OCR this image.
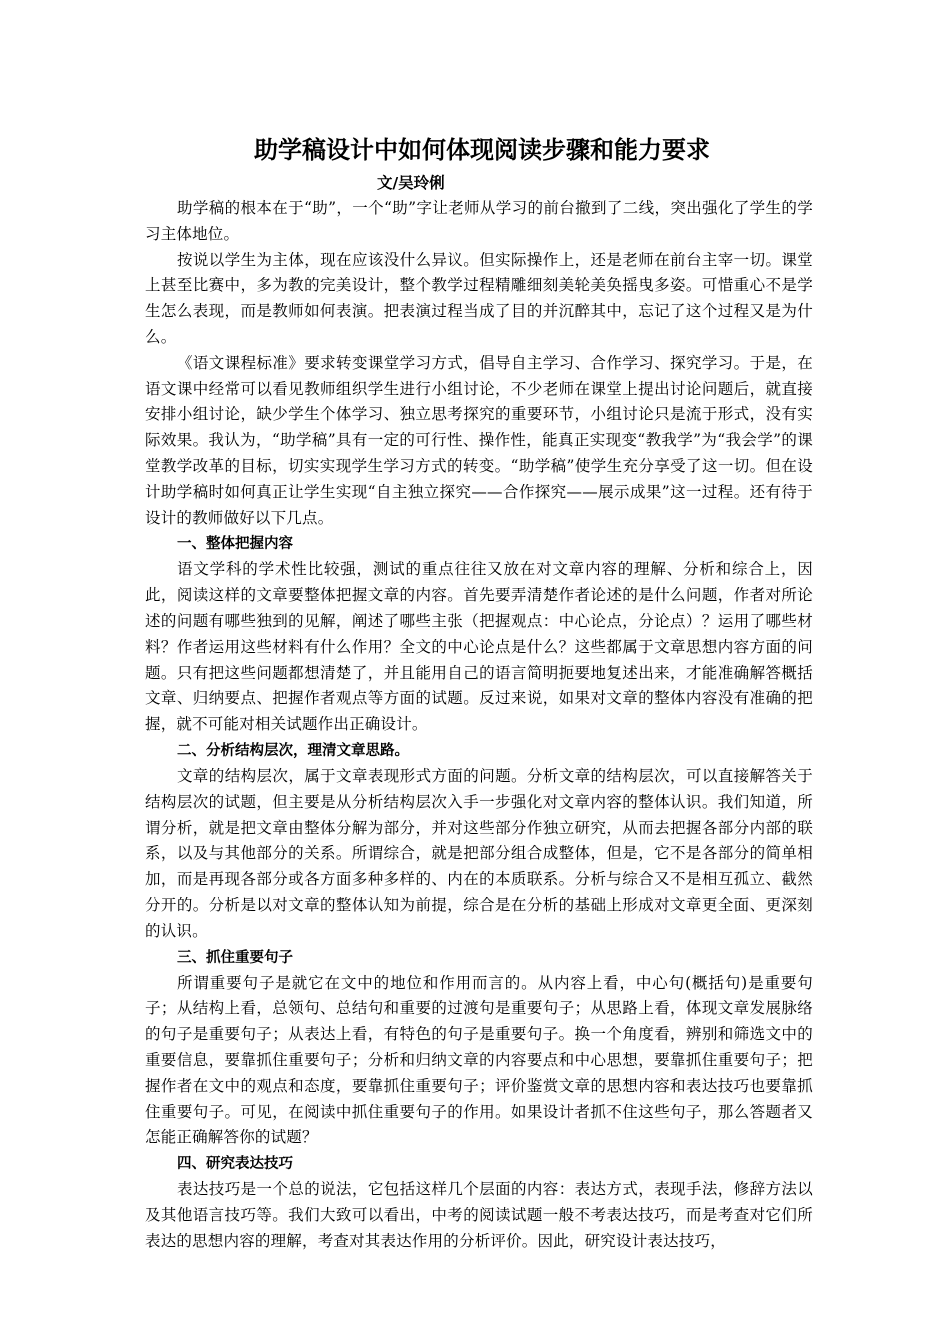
助学稿设计中如何体现阅读步骤和能力要求

文/吴玲俐

助学稿的根本在于“助”，一个“助”字让老师从学习的前台撤到了二线，突出强化了学生的学习主体地位。

按说以学生为主体，现在应该没什么异议。但实际操作上，还是老师在前台主宰一切。课堂上甚至比赛中，多为教的完美设计，整个教学过程精雕细刻美轮美奂摇曳多姿。可惜重心不是学生怎么表现，而是教师如何表演。把表演过程当成了目的并沉醉其中，忘记了这个过程又是为什么。

《语文课程标准》要求转变课堂学习方式，倡导自主学习、合作学习、探究学习。于是，在语文课中经常可以看见教师组织学生进行小组讨论，不少老师在课堂上提出讨论问题后，就直接安排小组讨论，缺少学生个体学习、独立思考探究的重要环节，小组讨论只是流于形式，没有实际效果。我认为，“助学稿”具有一定的可行性、操作性，能真正实现变“教我学”为“我会学”的课堂教学改革的目标，切实实现学生学习方式的转变。“助学稿”使学生充分享受了这一切。但在设计助学稿时如何真正让学生实现“自主独立探究——合作探究——展示成果”这一过程。还有待于设计的教师做好以下几点。

一、整体把握内容

语文学科的学术性比较强，测试的重点往往又放在对文章内容的理解、分析和综合上，因此，阅读这样的文章要整体把握文章的内容。首先要弄清楚作者论述的是什么问题，作者对所论述的问题有哪些独到的见解，阐述了哪些主张（把握观点：中心论点，分论点）？运用了哪些材料？作者运用这些材料有什么作用？全文的中心论点是什么？这些都属于文章思想内容方面的问题。只有把这些问题都想清楚了，并且能用自己的语言简明扼要地复述出来，才能准确解答概括文章、归纳要点、把握作者观点等方面的试题。反过来说，如果对文章的整体内容没有准确的把握，就不可能对相关试题作出正确设计。

二、分析结构层次，理清文章思路。

文章的结构层次，属于文章表现形式方面的问题。分析文章的结构层次，可以直接解答关于结构层次的试题，但主要是从分析结构层次入手一步强化对文章内容的整体认识。我们知道，所谓分析，就是把文章由整体分解为部分，并对这些部分作独立研究，从而去把握各部分内部的联系，以及与其他部分的关系。所谓综合，就是把部分组合成整体，但是，它不是各部分的简单相加，而是再现各部分或各方面多种多样的、内在的本质联系。分析与综合又不是相互孤立、截然分开的。分析是以对文章的整体认知为前提，综合是在分析的基础上形成对文章更全面、更深刻的认识。

三、抓住重要句子

所谓重要句子是就它在文中的地位和作用而言的。从内容上看，中心句(概括句)是重要句子；从结构上看，总领句、总结句和重要的过渡句是重要句子；从思路上看，体现文章发展脉络的句子是重要句子；从表达上看，有特色的句子是重要句子。换一个角度看，辨别和筛选文中的重要信息，要靠抓住重要句子；分析和归纳文章的内容要点和中心思想，要靠抓住重要句子；把握作者在文中的观点和态度，要靠抓住重要句子；评价鉴赏文章的思想内容和表达技巧也要靠抓住重要句子。可见，在阅读中抓住重要句子的作用。如果设计者抓不住这些句子，那么答题者又怎能正确解答你的试题？

四、研究表达技巧

表达技巧是一个总的说法，它包括这样几个层面的内容：表达方式，表现手法，修辞方法以及其他语言技巧等。我们大致可以看出，中考的阅读试题一般不考表达技巧，而是考查对它们所表达的思想内容的理解，考查对其表达作用的分析评价。因此，研究设计表达技巧，
